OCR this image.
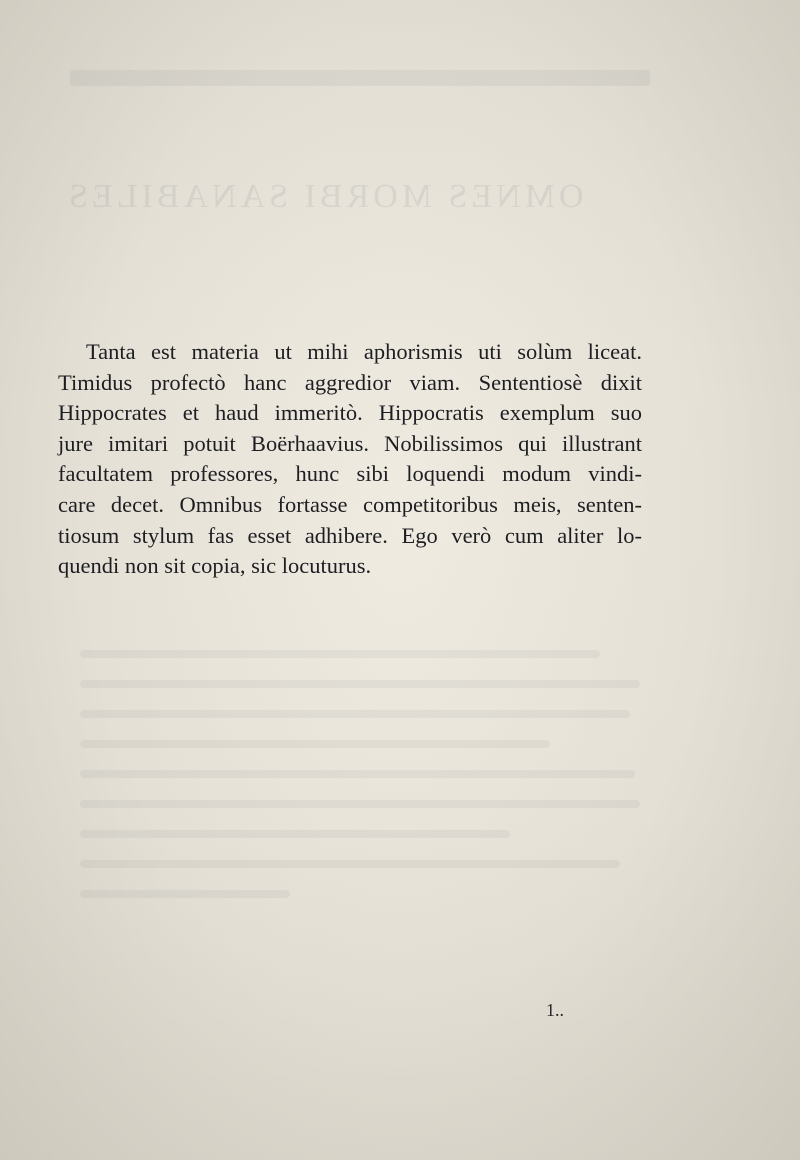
OMNES MORBI SANABILES
Tanta est materia ut mihi aphorismis uti solùm liceat.
Timidus profectò hanc aggredior viam. Sententiosè dixit
Hippocrates et haud immeritò. Hippocratis exemplum suo
jure imitari potuit Boërhaavius. Nobilissimos qui illustrant
facultatem professores, hunc sibi loquendi modum vindi-
care decet. Omnibus fortasse competitoribus meis, senten-
tiosum stylum fas esset adhibere. Ego verò cum aliter lo-
quendi non sit copia, sic locuturus.
1..
